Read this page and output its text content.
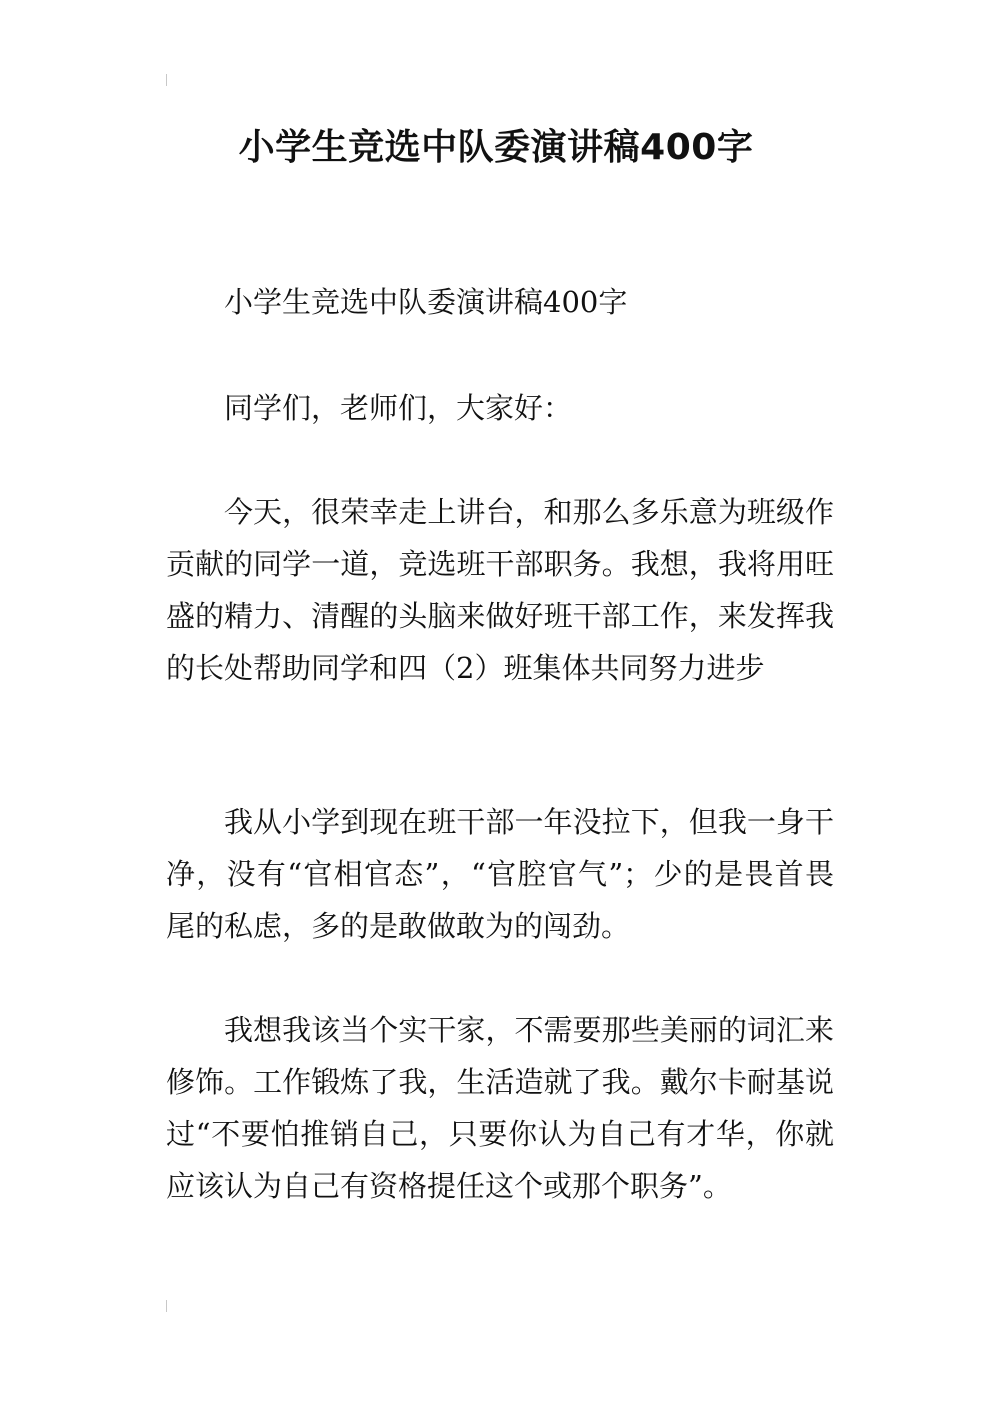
小学生竞选中队委演讲稿400字

小学生竞选中队委演讲稿400字

同学们，老师们，大家好：

今天，很荣幸走上讲台，和那么多乐意为班级作贡献的同学一道，竞选班干部职务。我想，我将用旺盛的精力、清醒的头脑来做好班干部工作，来发挥我的长处帮助同学和四（2）班集体共同努力进步

我从小学到现在班干部一年没拉下，但我一身干净，没有“官相官态”，“官腔官气”；少的是畏首畏尾的私虑，多的是敢做敢为的闯劲。

我想我该当个实干家，不需要那些美丽的词汇来修饰。工作锻炼了我，生活造就了我。戴尔卡耐基说过“不要怕推销自己，只要你认为自己有才华，你就应该认为自己有资格提任这个或那个职务”。
